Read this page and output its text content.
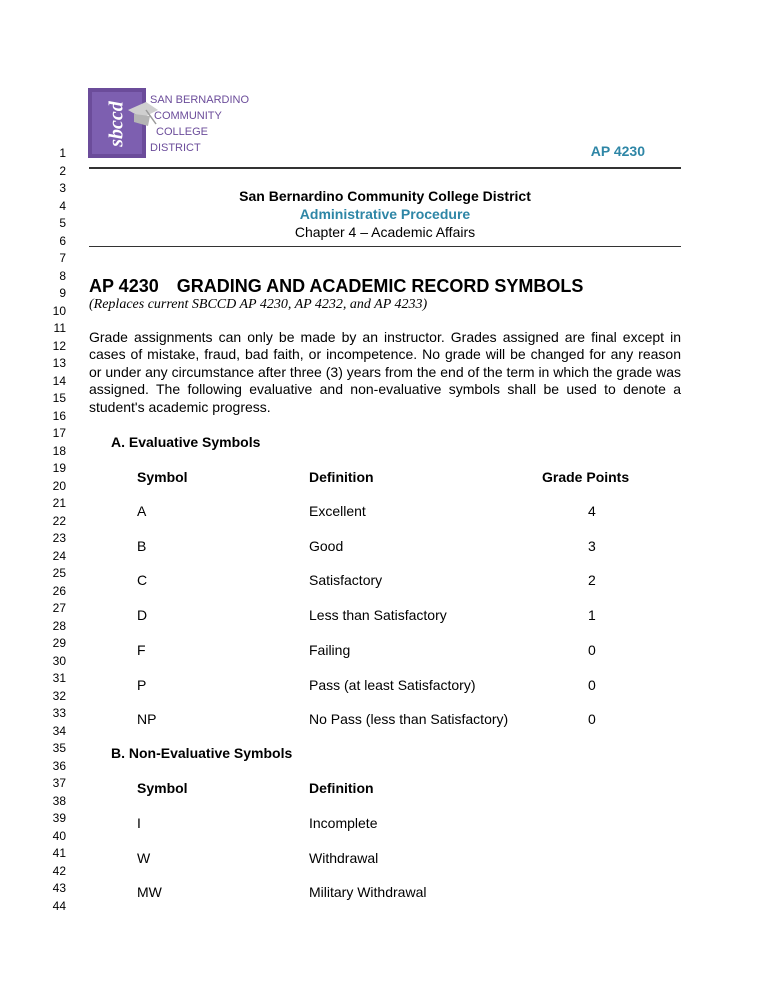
1
2
3
4
5
6
7
8
9
10
11
12
13
14
15
16
17
18
19
20
21
22
23
24
25
26
27
28
29
30
31
32
33
34
35
36
37
38
39
40
41
42
43
44
sbccd
SAN BERNARDINO
COMMUNITY
COLLEGE
DISTRICT	AP 4230
San Bernardino Community College District
Administrative Procedure
Chapter 4 – Academic Affairs
AP 4230 GRADING AND ACADEMIC RECORD SYMBOLS
(Replaces current SBCCD AP 4230, AP 4232, and AP 4233)
Grade assignments can only be made by an instructor. Grades assigned are final except in cases of mistake, fraud, bad faith, or incompetence. No grade will be changed for any reason or under any circumstance after three (3) years from the end of the term in which the grade was assigned. The following evaluative and non-evaluative symbols shall be used to denote a student's academic progress.
A. Evaluative Symbols
Symbol	Definition	Grade Points
A	Excellent	4
B	Good	3
C	Satisfactory	2
D	Less than Satisfactory	1
F	Failing	0
P	Pass (at least Satisfactory)	0
NP	No Pass (less than Satisfactory)	0
B. Non-Evaluative Symbols
Symbol	Definition
I	Incomplete
W	Withdrawal
MW	Military Withdrawal
